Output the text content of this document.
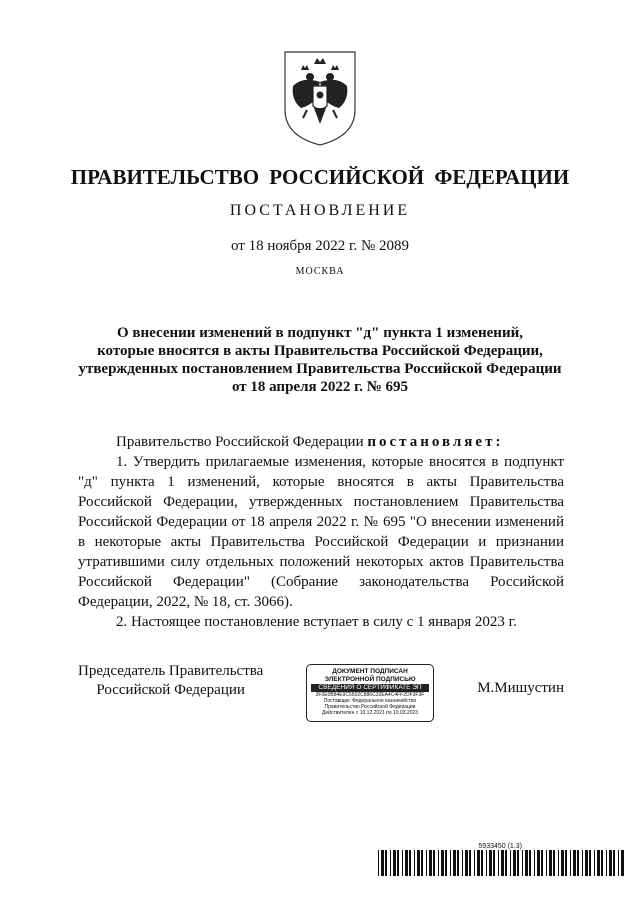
ПРАВИТЕЛЬСТВО РОССИЙСКОЙ ФЕДЕРАЦИИ
ПОСТАНОВЛЕНИЕ
от 18 ноября 2022 г. № 2089
МОСКВА
О внесении изменений в подпункт "д" пункта 1 изменений,
которые вносятся в акты Правительства Российской Федерации,
утвержденных постановлением Правительства Российской Федерации
от 18 апреля 2022 г. № 695

Правительство Российской Федерации постановляет:

1. Утвердить прилагаемые изменения, которые вносятся в подпункт "д" пункта 1 изменений, которые вносятся в акты Правительства Российской Федерации, утвержденных постановлением Правительства Российской Федерации от 18 апреля 2022 г. № 695 "О внесении изменений в некоторые акты Правительства Российской Федерации и признании утратившими силу отдельных положений некоторых актов Правительства Российской Федерации" (Собрание законодательства Российской Федерации, 2022, № 18, ст. 3066).

2. Настоящее постановление вступает в силу с 1 января 2023 г.

Председатель Правительства
Российской Федерации
ДОКУМЕНТ ПОДПИСАН
ЭЛЕКТРОННОЙ ПОДПИСЬЮ
СВЕДЕНИЯ О СЕРТИФИКАТЕ ЭП
3F0E0B84E9C5502C886C32EA4C4FF2DF3F3F
Поставщик: Федеральное казначейство
Правительство Российской Федерации
Действителен с 10.12.2021 по 10.03.2023
М.Мишустин
5933450 (1.3)
